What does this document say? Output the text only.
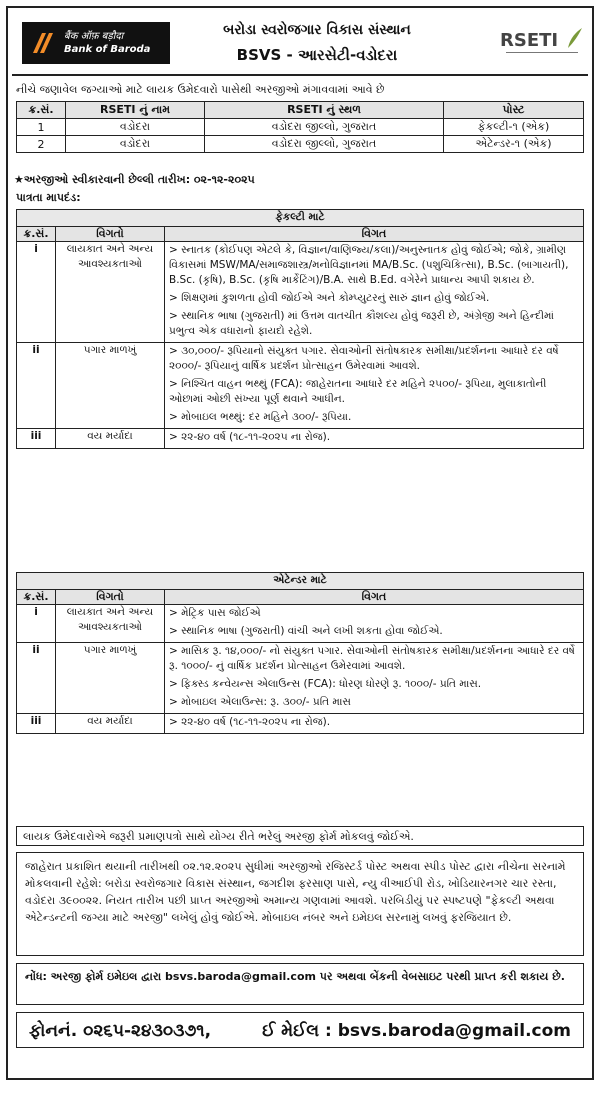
बैंक ऑफ़ बड़ौदा
Bank of Baroda
બરોડા સ્વરોજગાર વિકાસ સંસ્થાન
BSVS - આરસેટી-વડોદરા
RSETI
નીચે જણાવેલ જગ્યાઓ માટે લાયક ઉમેદવારો પાસેથી અરજીઓ મંગાવવામાં આવે છે
ક્ર.સં.	RSETI નું નામ	RSETI નું સ્થળ	પોસ્ટ
1	વડોદરા	વડોદરા જીલ્લો, ગુજરાત	ફેકલ્ટી-૧ (એક)
2	વડોદરા	વડોદરા જીલ્લો, ગુજરાત	એટેન્ડર-૧ (એક)
★અરજીઓ સ્વીકારવાની છેલ્લી તારીખ: ૦૨-૧૨-૨૦૨૫
પાત્રતા માપદંડ:
ફેકલ્ટી માટે		
ક્ર.સં.	વિગતો	વિગત
i	લાયકાત અને અન્ય આવશ્યકતાઓ	> સ્નાતક (કોઈપણ એટલે કે, વિજ્ઞાન/વાણિજ્ય/કલા)/અનુસ્નાતક હોવું જોઈએ; જોકે, ગ્રામીણ વિકાસમાં MSW/MA/સમાજશાસ્ત્ર/મનોવિજ્ઞાનમાં MA/B.Sc. (પશુચિકિત્સા), B.Sc. (બાગાયતી), B.Sc. (કૃષિ), B.Sc. (કૃષિ માર્કેટિંગ)/B.A. સાથે B.Ed. વગેરેને પ્રાધાન્ય આપી શકાય છે.
> શિક્ષણમાં કુશળતા હોવી જોઈએ અને કોમ્પ્યુટરનું સારું જ્ઞાન હોવું જોઈએ.
> સ્થાનિક ભાષા (ગુજરાતી) માં ઉત્તમ વાતચીત કૌશલ્ય હોવું જરૂરી છે, અંગ્રેજી અને હિન્દીમાં પ્રભુત્વ એક વધારાનો ફાયદો રહેશે.

ii	પગાર માળખું	> ૩૦,૦૦૦/- રૂપિયાનો સંયુક્ત પગાર. સેવાઓની સંતોષકારક સમીક્ષા/પ્રદર્શનના આધારે દર વર્ષે ૨૦૦૦/- રૂપિયાનું વાર્ષિક પ્રદર્શન પ્રોત્સાહન ઉમેરવામાં આવશે.
> નિશ્ચિત વાહન ભથ્થું (FCA): જાહેરાતના આધારે દર મહિને ૨૫૦૦/- રૂપિયા, મુલાકાતોની ઓછામાં ઓછી સંખ્યા પૂર્ણ થવાને આધીન.
> મોબાઇલ ભથ્થું: દર મહિને ૩૦૦/- રૂપિયા.

iii	વય મર્યાદા	> ૨૨-૪૦ વર્ષ (૧૮-૧૧-૨૦૨૫ ના રોજ).
એટેન્ડર માટે		
ક્ર.સં.	વિગતો	વિગત
i	લાયકાત અને અન્ય આવશ્યકતાઓ	> મેટ્રિક પાસ જોઈએ
> સ્થાનિક ભાષા (ગુજરાતી) વાંચી અને લખી શકતા હોવા જોઈએ.

ii	પગાર માળખું	> માસિક રૂ. ૧૪,૦૦૦/- નો સંયુક્ત પગાર. સેવાઓની સંતોષકારક સમીક્ષા/પ્રદર્શનના આધારે દર વર્ષે રૂ. ૧૦૦૦/- નું વાર્ષિક પ્રદર્શન પ્રોત્સાહન ઉમેરવામાં આવશે.
> ફિક્સ્ડ કન્વેયન્સ એલાઉન્સ (FCA): ધોરણ ધોરણે રૂ. ૧૦૦૦/- પ્રતિ માસ.
> મોબાઇલ એલાઉન્સ: રૂ. ૩૦૦/- પ્રતિ માસ

iii	વય મર્યાદા	> ૨૨-૪૦ વર્ષ (૧૮-૧૧-૨૦૨૫ ના રોજ).
લાયક ઉમેદવારોએ જરૂરી પ્રમાણપત્રો સાથે યોગ્ય રીતે ભરેલું અરજી ફોર્મ મોકલવું જોઈએ.
જાહેરાત પ્રકાશિત થયાની તારીખથી ૦૨.૧૨.૨૦૨૫ સુધીમાં અરજીઓ રજિસ્ટર્ડ પોસ્ટ અથવા સ્પીડ પોસ્ટ દ્વારા નીચેના સરનામે મોકલવાની રહેશે: બરોડા સ્વરોજગાર વિકાસ સંસ્થાન, જગદીશ ફરસાણ પાસે, ન્યુ વીઆઈપી રોડ, ખોડિયારનગર ચાર રસ્તા, વડોદરા ૩૯૦૦૨૨. નિયત તારીખ પછી પ્રાપ્ત અરજીઓ અમાન્ય ગણવામાં આવશે. પરબિડીયું પર સ્પષ્ટપણે "ફેકલ્ટી અથવા એટેન્ડન્ટની જગ્યા માટે અરજી" લખેલું હોવું જોઈએ. મોબાઇલ નંબર અને ઇમેઇલ સરનામું લખવું ફરજિયાત છે.
નોંધ: અરજી ફોર્મ ઇમેઇલ દ્વારા bsvs.baroda@gmail.com પર અથવા બેંકની વેબસાઇટ પરથી પ્રાપ્ત કરી શકાય છે.
ફોનનં. ૦૨૬૫-૨૪૩૦૩૭૧,	ઈ મેઈલ : bsvs.baroda@gmail.com
